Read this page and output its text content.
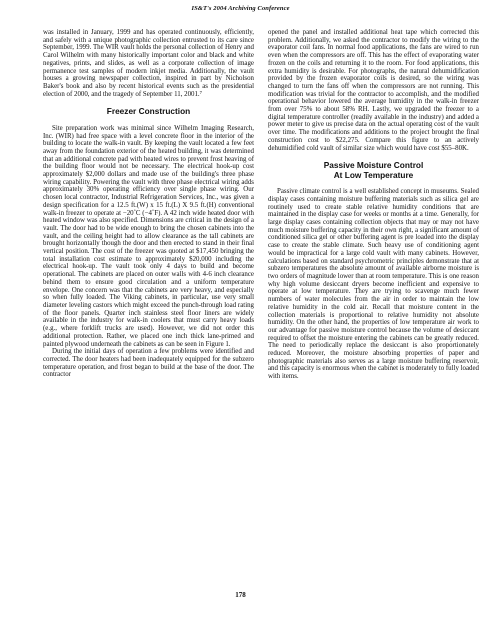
IS&T's 2004 Archiving Conference

was installed in January, 1999 and has operated continuously, efficiently, and safely with a unique photographic collection entrusted to its care since September, 1999. The WIR vault holds the personal collection of Henry and Carol Wilhelm with many historically important color and black and white negatives, prints, and slides, as well as a corporate collection of image permanence test samples of modern inkjet media. Additionally, the vault houses a growing newspaper collection, inspired in part by Nicholson Baker's book and also by recent historical events such as the presidential election of 2000, and the tragedy of September 11, 2001.⁷

Freezer Construction

Site preparation work was minimal since Wilhelm Imaging Research, Inc. (WIR) had free space with a level concrete floor in the interior of the building to locate the walk-in vault. By keeping the vault located a few feet away from the foundation exterior of the heated building, it was determined that an additional concrete pad with heated wires to prevent frost heaving of the building floor would not be necessary. The electrical hook-up cost approximately $2,000 dollars and made use of the building's three phase wiring capability. Powering the vault with three phase electrical wiring adds approximately 30% operating efficiency over single phase wiring. Our chosen local contractor, Industrial Refrigeration Services, Inc., was given a design specification for a 12.5 ft.(W) x 15 ft.(L) X 9.5 ft.(H) conventional walk-in freezer to operate at −20˚C (−4˚F). A 42 inch wide heated door with heated window was also specified. Dimensions are critical in the design of a vault. The door had to be wide enough to bring the chosen cabinets into the vault, and the ceiling height had to allow clearance as the tall cabinets are brought horizontally though the door and then erected to stand in their final vertical position. The cost of the freezer was quoted at $17,450 bringing the total installation cost estimate to approximately $20,000 including the electrical hook-up. The vault took only 4 days to build and become operational. The cabinets are placed on outer walls with 4-6 inch clearance behind them to ensure good circulation and a uniform temperature envelope. One concern was that the cabinets are very heavy, and especially so when fully loaded. The Viking cabinets, in particular, use very small diameter leveling castors which might exceed the punch-through load rating of the floor panels. Quarter inch stainless steel floor liners are widely available in the industry for walk-in coolers that must carry heavy loads (e.g., where forklift trucks are used). However, we did not order this additional protection. Rather, we placed one inch thick lane-primed and painted plywood underneath the cabinets as can be seen in Figure 1.

During the initial days of operation a few problems were identified and corrected. The door heaters had been inadequately equipped for the subzero temperature operation, and frost began to build at the base of the door. The contractor

opened the panel and installed additional heat tape which corrected this problem. Additionally, we asked the contractor to modify the wiring to the evaporator coil fans. In normal food applications, the fans are wired to run even when the compressors are off. This has the effect of evaporating water frozen on the coils and returning it to the room. For food applications, this extra humidity is desirable. For photographs, the natural dehumidification provided by the frozen evaporator coils is desired, so the wiring was changed to turn the fans off when the compressors are not running. This modification was trivial for the contractor to accomplish, and the modified operational behavior lowered the average humidity in the walk-in freezer from over 75% to about 58% RH. Lastly, we upgraded the freezer to a digital temperature controller (readily available in the industry) and added a power meter to give us precise data on the actual operating cost of the vault over time. The modifications and additions to the project brought the final construction cost to $22,275. Compare this figure to an actively dehumidified cold vault of similar size which would have cost $55–80K.

Passive Moisture Control
At Low Temperature

Passive climate control is a well established concept in museums. Sealed display cases containing moisture buffering materials such as silica gel are routinely used to create stable relative humidity conditions that are maintained in the display case for weeks or months at a time. Generally, for large display cases containing collection objects that may or may not have much moisture buffering capacity in their own right, a significant amount of conditioned silica gel or other buffering agent is pre loaded into the display case to create the stable climate. Such heavy use of conditioning agent would be impractical for a large cold vault with many cabinets. However, calculations based on standard psychrometric principles demonstrate that at subzero temperatures the absolute amount of available airborne moisture is two orders of magnitude lower than at room temperature. This is one reason why high volume desiccant dryers become inefficient and expensive to operate at low temperature. They are trying to scavenge much fewer numbers of water molecules from the air in order to maintain the low relative humidity in the cold air. Recall that moisture content in the collection materials is proportional to relative humidity not absolute humidity. On the other hand, the properties of low temperature air work to our advantage for passive moisture control because the volume of desiccant required to offset the moisture entering the cabinets can be greatly reduced. The need to periodically replace the desiccant is also proportionately reduced. Moreover, the moisture absorbing properties of paper and photographic materials also serves as a large moisture buffering reservoir, and this capacity is enormous when the cabinet is moderately to fully loaded with items.

178
